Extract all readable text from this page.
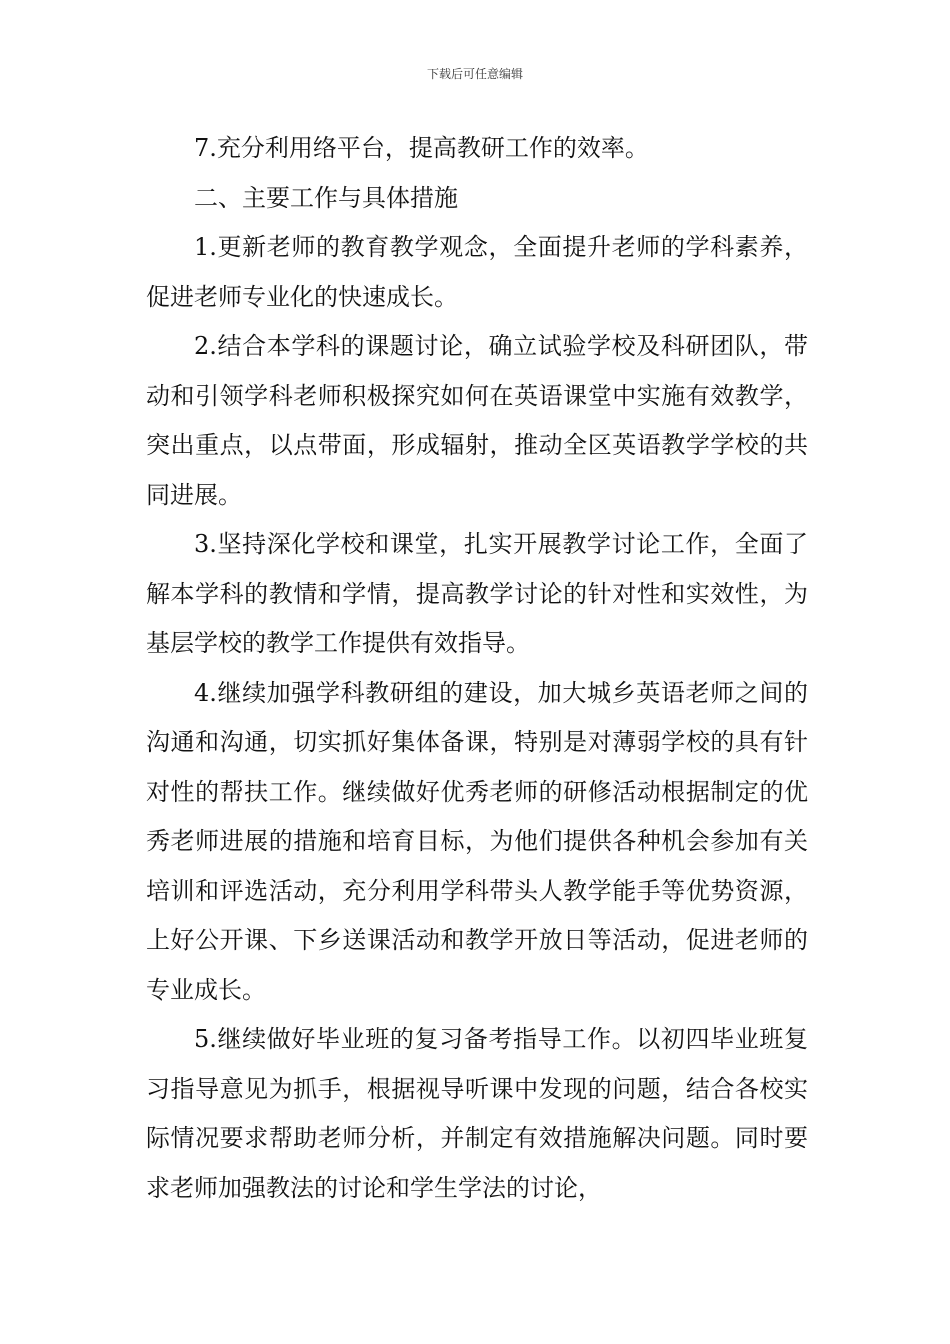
下载后可任意编辑

7.充分利用络平台，提高教研工作的效率。

二、主要工作与具体措施

1.更新老师的教育教学观念，全面提升老师的学科素养，促进老师专业化的快速成长。

2.结合本学科的课题讨论，确立试验学校及科研团队，带动和引领学科老师积极探究如何在英语课堂中实施有效教学，突出重点，以点带面，形成辐射，推动全区英语教学学校的共同进展。

3.坚持深化学校和课堂，扎实开展教学讨论工作，全面了解本学科的教情和学情，提高教学讨论的针对性和实效性，为基层学校的教学工作提供有效指导。

4.继续加强学科教研组的建设，加大城乡英语老师之间的沟通和沟通，切实抓好集体备课，特别是对薄弱学校的具有针对性的帮扶工作。继续做好优秀老师的研修活动根据制定的优秀老师进展的措施和培育目标，为他们提供各种机会参加有关培训和评选活动，充分利用学科带头人教学能手等优势资源，上好公开课、下乡送课活动和教学开放日等活动，促进老师的专业成长。

5.继续做好毕业班的复习备考指导工作。以初四毕业班复习指导意见为抓手，根据视导听课中发现的问题，结合各校实际情况要求帮助老师分析，并制定有效措施解决问题。同时要求老师加强教法的讨论和学生学法的讨论，
